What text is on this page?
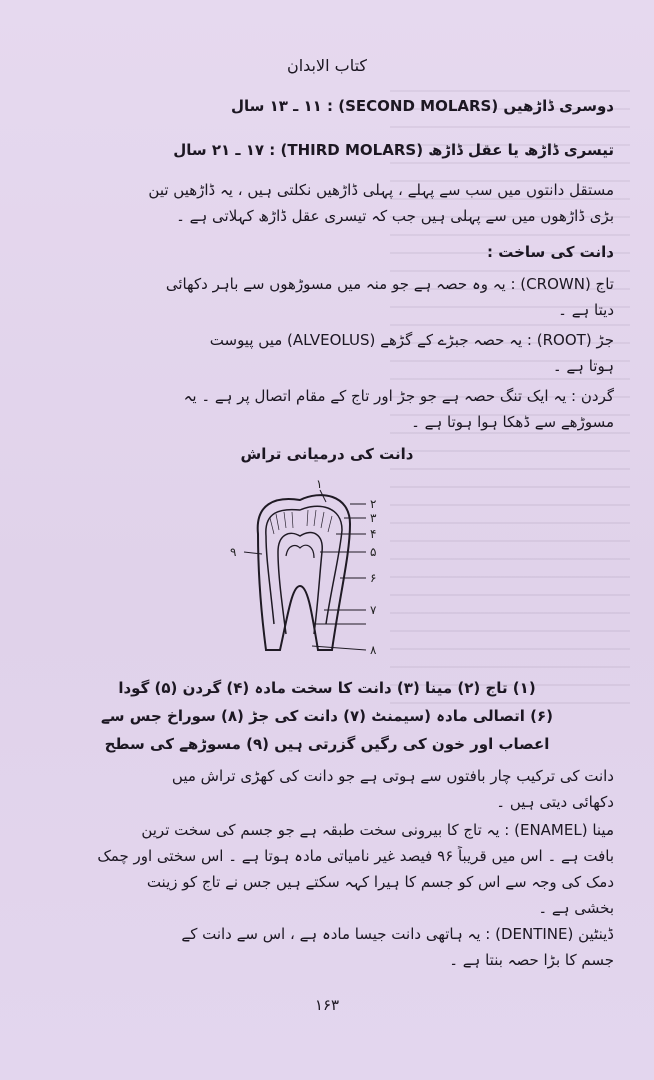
کتاب الابدان
دوسری ڈاڑھیں (SECOND MOLARS) : ۱۱ ـ ۱۳ سال
تیسری ڈاڑھ یا عقل ڈاڑھ (THIRD MOLARS) : ۱۷ ـ ۲۱ سال
مستقل دانتوں میں سب سے پہلے ، پہلی ڈاڑھیں نکلتی ہیں ، یہ ڈاڑھیں تین
بڑی ڈاڑھوں میں سے پہلی ہیں جب کہ تیسری عقل ڈاڑھ کہلاتی ہے ۔
دانت کی ساخت :
تاج (CROWN) : یہ وہ حصہ ہے جو منہ میں مسوڑھوں سے باہر دکھائی
دیتا ہے ۔
جڑ (ROOT) : یہ حصہ جبڑے کے گڑھے (ALVEOLUS) میں پیوست
ہوتا ہے ۔
گردن : یہ ایک تنگ حصہ ہے جو جڑ اور تاج کے مقام اتصال پر ہے ۔ یہ
مسوڑھے سے ڈھکا ہوا ہوتا ہے ۔
دانت کی درمیانی تراش
۱
۲
۳
۴
۵
۶
۷
۸
۹
(۱) تاج (۲) مینا (۳) دانت کا سخت مادہ (۴) گردن (۵) گودا
(۶) اتصالی مادہ (سیمنٹ (۷) دانت کی جڑ (۸) سوراخ جس سے
اعصاب اور خون کی رگیں گزرتی ہیں (۹) مسوڑھے کی سطح
دانت کی ترکیب چار بافتوں سے ہوتی ہے جو دانت کی کھڑی تراش میں
دکھائی دیتی ہیں ۔
مینا (ENAMEL) : یہ تاج کا بیرونی سخت طبقہ ہے جو جسم کی سخت ترین
بافت ہے ۔ اس میں قریباً ۹۶ فیصد غیر نامیاتی مادہ ہوتا ہے ۔ اس سختی اور چمک
دمک کی وجہ سے اس کو جسم کا ہیرا کہہ سکتے ہیں جس نے تاج کو زینت
بخشی ہے ۔
ڈینٹین (DENTINE) : یہ ہاتھی دانت جیسا مادہ ہے ، اس سے دانت کے
جسم کا بڑا حصہ بنتا ہے ۔
۱۶۳
